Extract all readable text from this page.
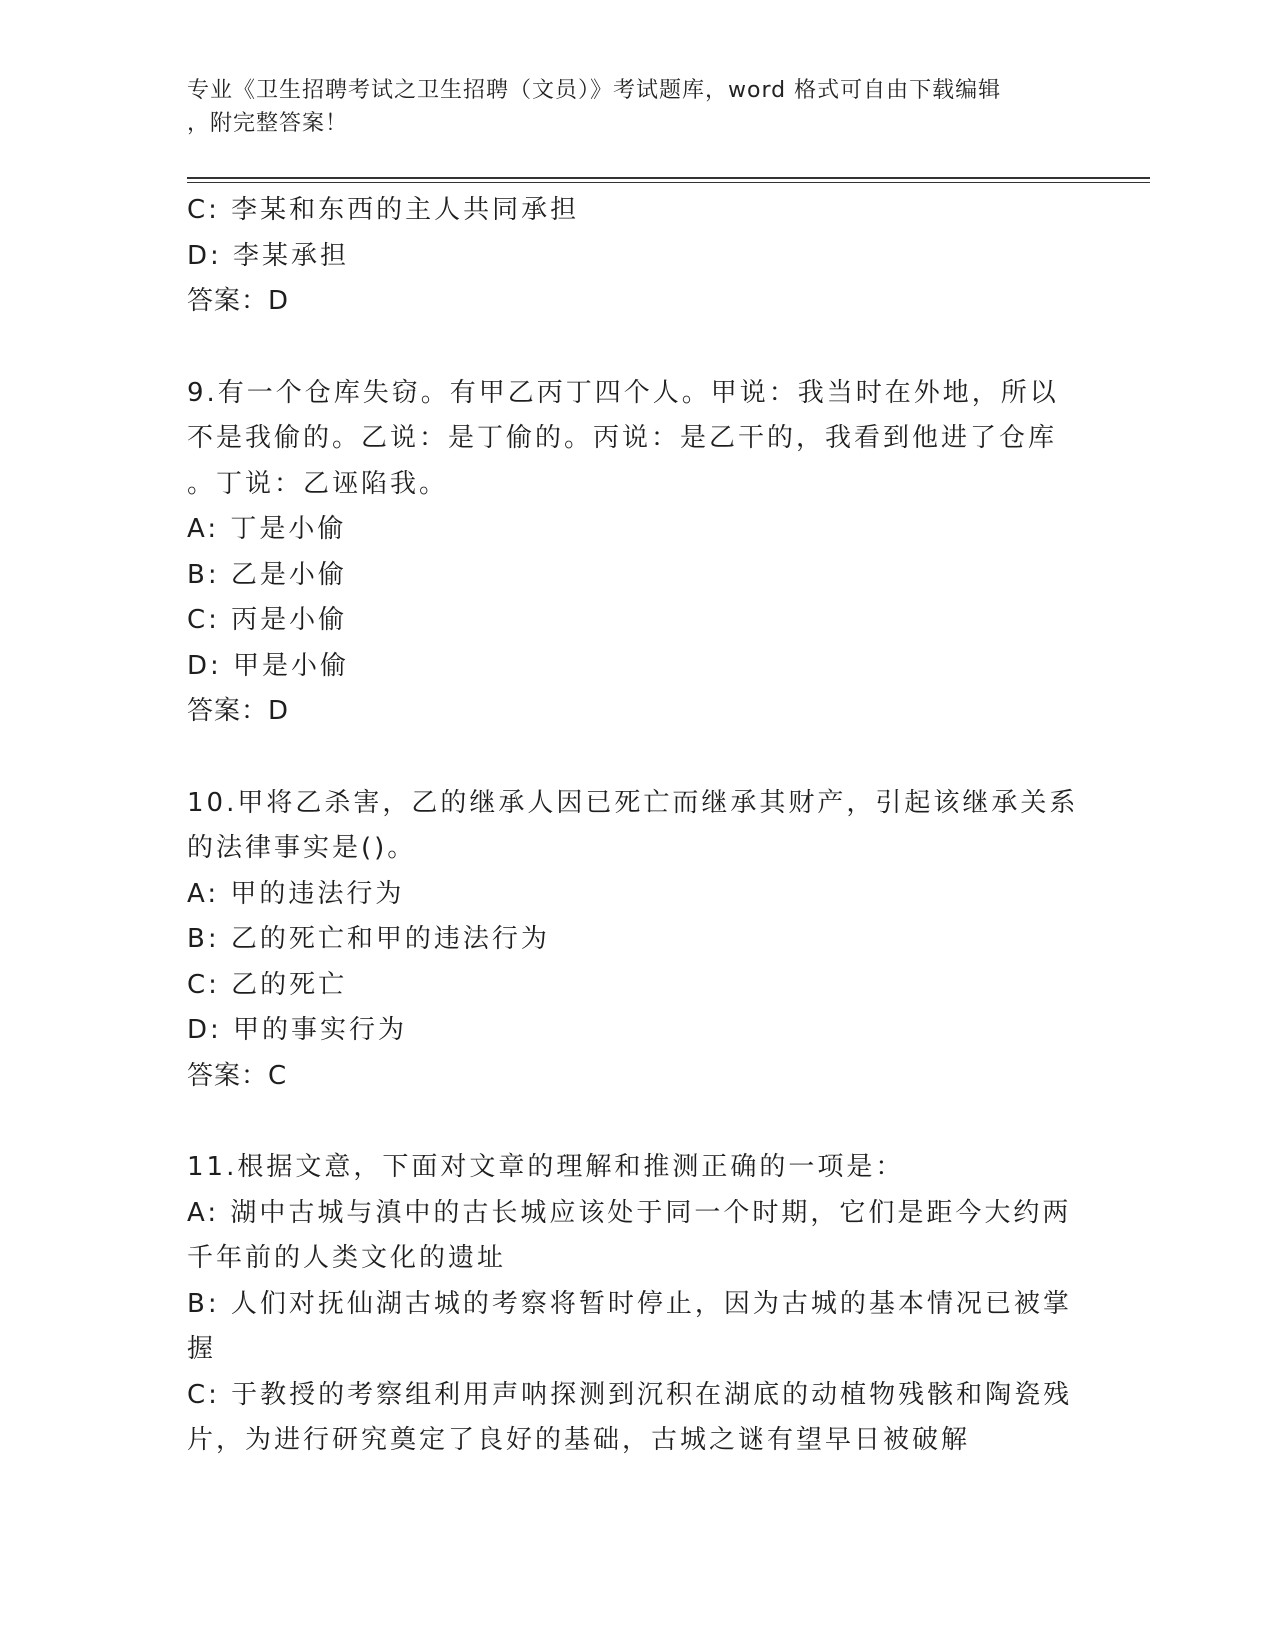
专业《卫生招聘考试之卫生招聘（文员）》考试题库，word 格式可自由下载编辑
，附完整答案！
C: 李某和东西的主人共同承担
D: 李某承担
答案：D
9.有一个仓库失窃。有甲乙丙丁四个人。甲说：我当时在外地，所以
不是我偷的。乙说：是丁偷的。丙说：是乙干的，我看到他进了仓库
。丁说：乙诬陷我。
A: 丁是小偷
B: 乙是小偷
C: 丙是小偷
D: 甲是小偷
答案：D
10.甲将乙杀害，乙的继承人因已死亡而继承其财产，引起该继承关系
的法律事实是()。
A: 甲的违法行为
B: 乙的死亡和甲的违法行为
C: 乙的死亡
D: 甲的事实行为
答案：C
11.根据文意，下面对文章的理解和推测正确的一项是：
A: 湖中古城与滇中的古长城应该处于同一个时期，它们是距今大约两
千年前的人类文化的遗址
B: 人们对抚仙湖古城的考察将暂时停止，因为古城的基本情况已被掌
握
C: 于教授的考察组利用声呐探测到沉积在湖底的动植物残骸和陶瓷残
片，为进行研究奠定了良好的基础，古城之谜有望早日被破解
